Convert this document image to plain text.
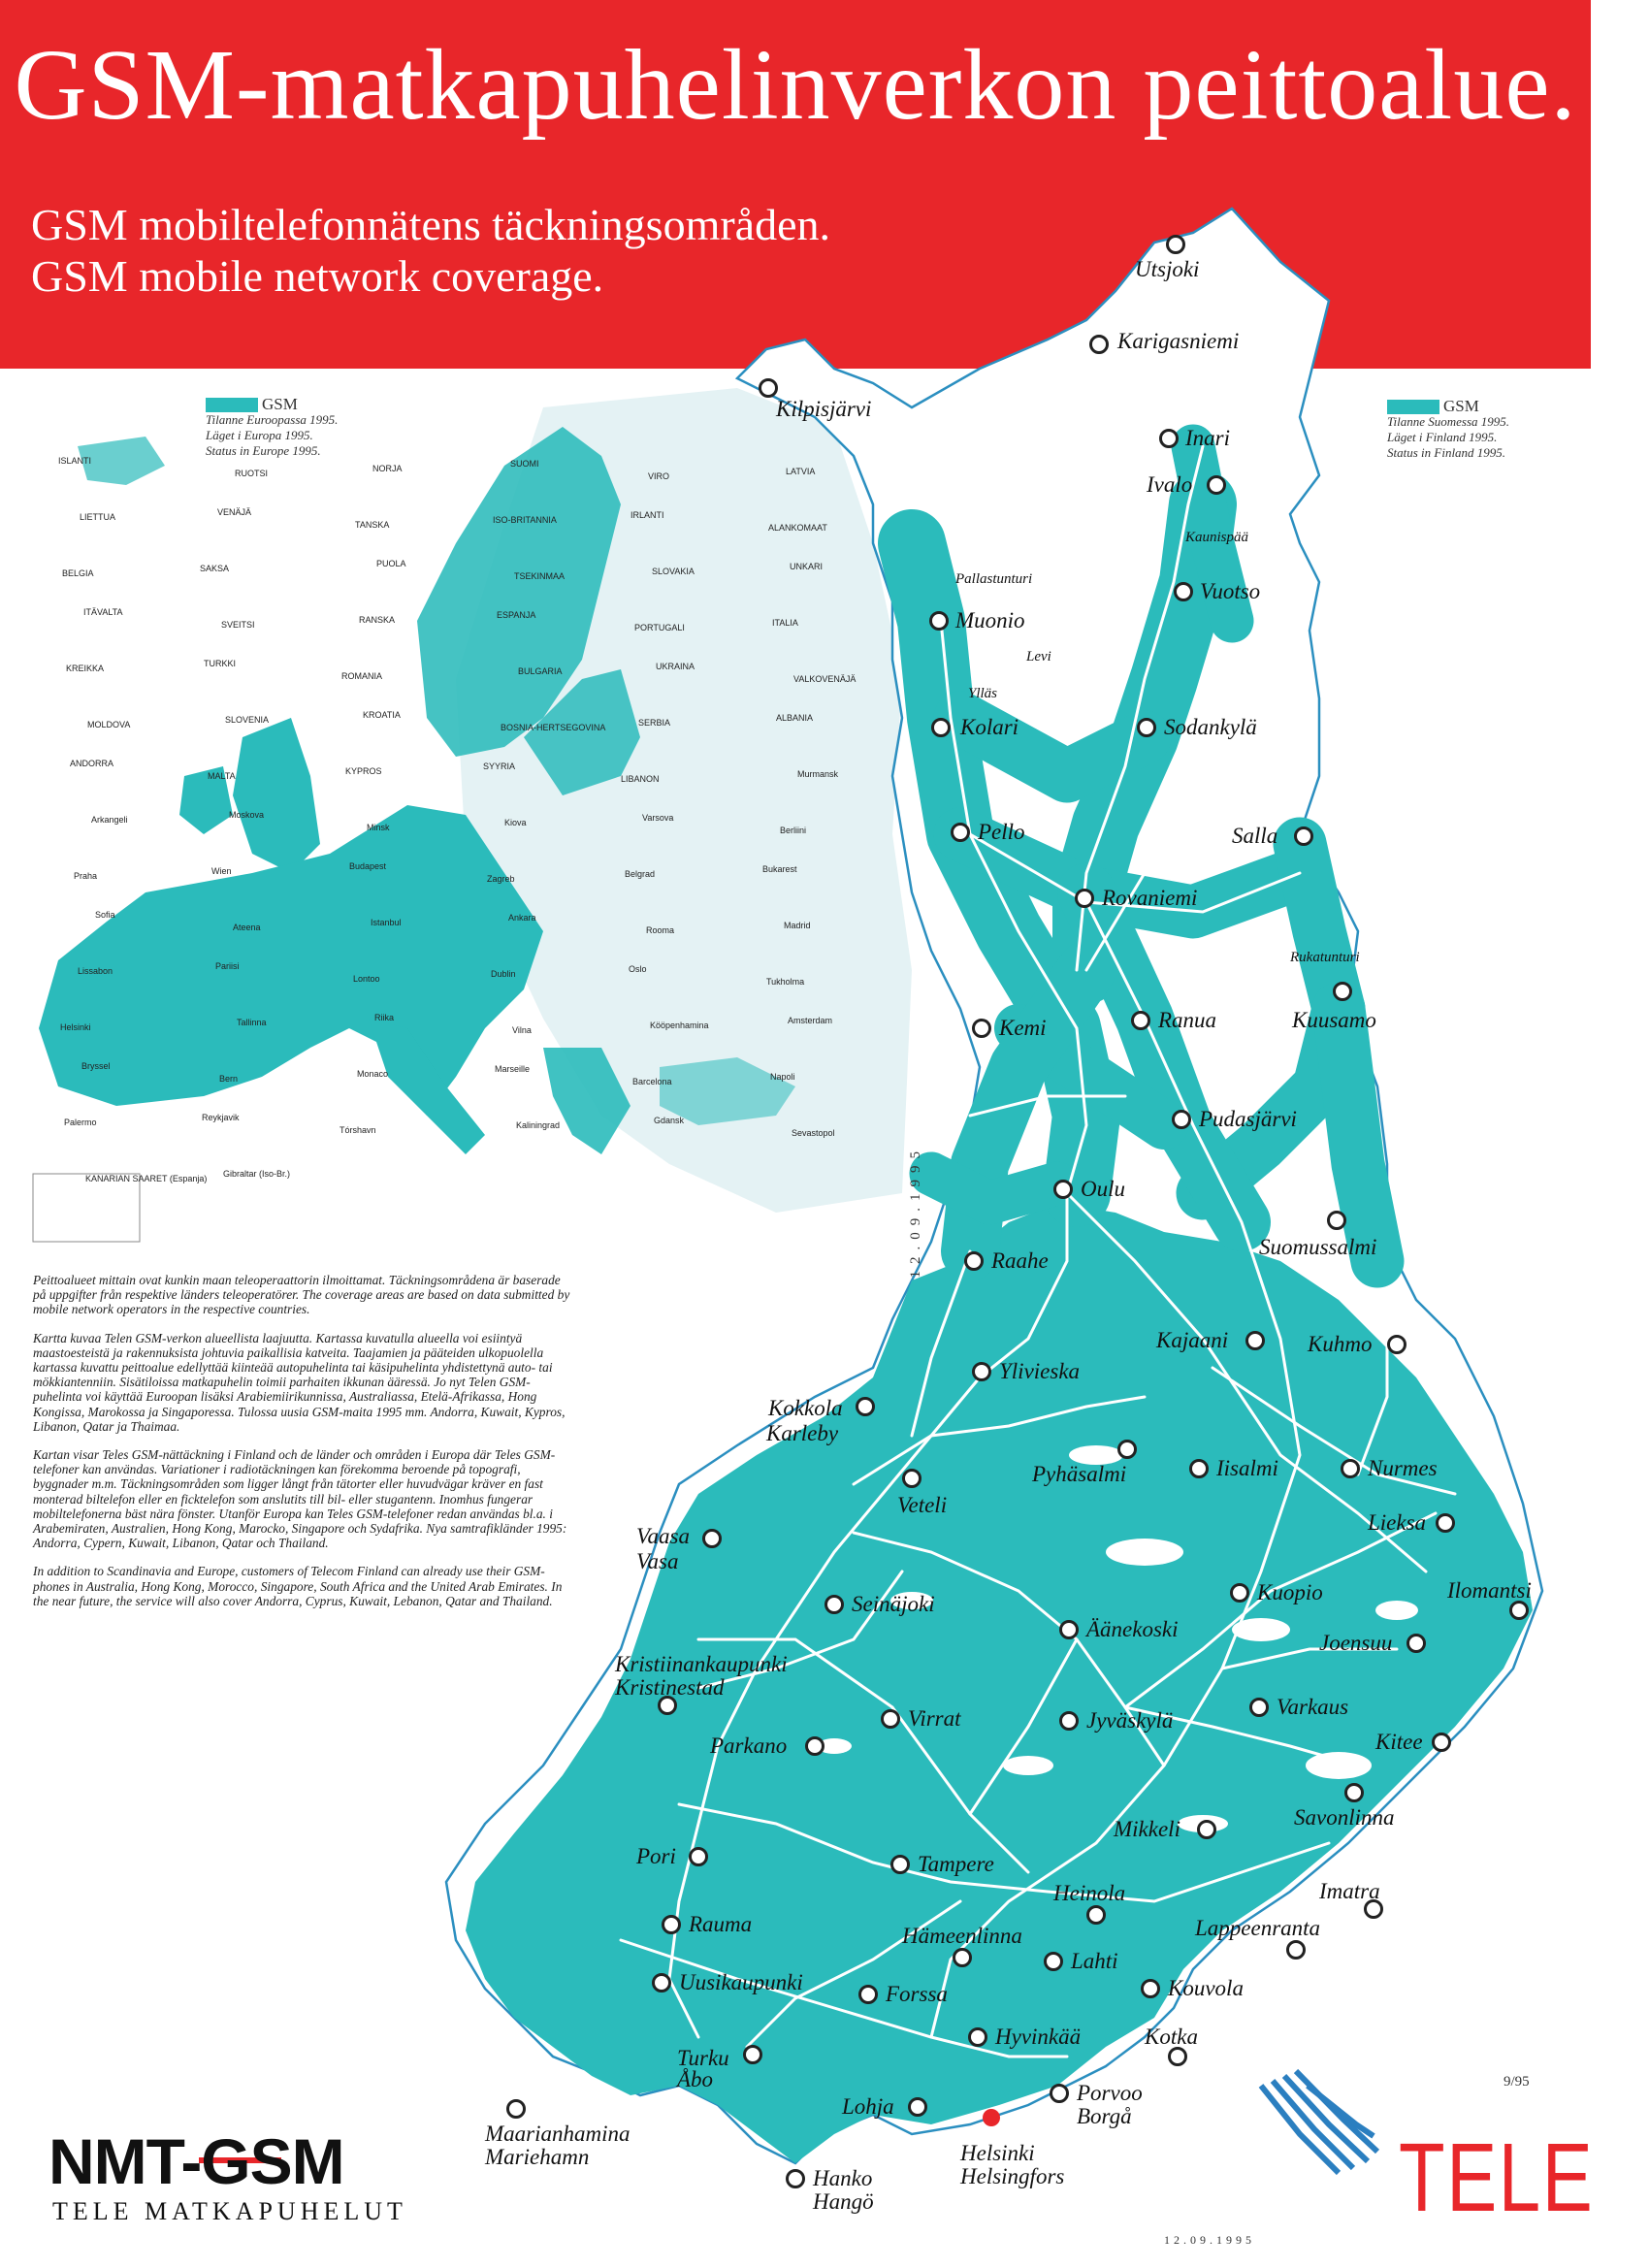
GSM-matkapuhelinverkon peittoalue.
GSM mobiltelefonnätens täckningsområden.
GSM mobile network coverage.
GSM
Tilanne Euroopassa 1995.
Läget i Europa 1995.
Status in Europe 1995.
GSM
Tilanne Suomessa 1995.
Läget i Finland 1995.
Status in Finland 1995.
ISLANTI
RUOTSI	NORJA	SUOMI
VIRO	LATVIA
LIETTUA	VENÄJÄ
TANSKA	ISO-BRITANNIA	IRLANTI
ALANKOMAAT
BELGIA	SAKSA	PUOLA
TSEKINMAA	SLOVAKIA	UNKARI
ITÄVALTA
SVEITSI	RANSKA	ESPANJA
PORTUGALI	ITALIA
KREIKKA	TURKKI
ROMANIA	BULGARIA	UKRAINA
VALKOVENÄJÄ
MOLDOVA	SLOVENIA	KROATIA
BOSNIA-HERTSEGOVINA	SERBIA	ALBANIA
ANDORRA
MALTA	KYPROS	SYYRIA
LIBANON	Murmansk
Arkangeli	Moskova
Minsk	Kiova	Varsova
Berliini
Praha	Wien	Budapest
Zagreb	Belgrad	Bukarest
Sofia
Ateena	Istanbul	Ankara
Rooma	Madrid
Lissabon	Pariisi
Lontoo	Dublin	Oslo
Tukholma
Helsinki	Tallinna	Riika
Vilna	Kööpenhamina	Amsterdam
Bryssel
Bern	Monaco	Marseille
Barcelona	Napoli
Palermo	Reykjavik
Tórshavn	Kaliningrad	Gdansk
Sevastopol
KANARIAN SAARET (Espanja) Gibraltar (Iso-Br.)	12.09.1995

Peittoalueet mittain ovat kunkin maan teleoperaattorin ilmoittamat. Täckningsområdena är baserade på uppgifter från respektive länders teleoperatörer. The coverage areas are based on data submitted by mobile network operators in the respective countries.

Kartta kuvaa Telen GSM-verkon alueellista laajuutta. Kartassa kuvatulla alueella voi esiintyä maastoesteistä ja rakennuksista johtuvia paikallisia katveita. Taajamien ja pääteiden ulkopuolella kartassa kuvattu peittoalue edellyttää kiinteää autopuhelinta tai käsipuhelinta yhdistettynä auto- tai mökkiantenniin. Sisätiloissa matkapuhelin toimii parhaiten ikkunan ääressä. Jo nyt Telen GSM-puhelinta voi käyttää Euroopan lisäksi Arabiemiirikunnissa, Australiassa, Etelä-Afrikassa, Hong Kongissa, Marokossa ja Singaporessa. Tulossa uusia GSM-maita 1995 mm. Andorra, Kuwait, Kypros, Libanon, Qatar ja Thaimaa.

Kartan visar Teles GSM-nättäckning i Finland och de länder och områden i Europa där Teles GSM-telefoner kan användas. Variationer i radiotäckningen kan förekomma beroende på topografi, byggnader m.m. Täckningsområden som ligger långt från tätorter eller huvudvägar kräver en fast monterad biltelefon eller en ficktelefon som anslutits till bil- eller stugantenn. Inomhus fungerar mobiltelefonerna bäst nära fönster. Utanför Europa kan Teles GSM-telefoner redan användas bl.a. i Arabemiraten, Australien, Hong Kong, Marocko, Singapore och Sydafrika. Nya samtrafikländer 1995: Andorra, Cypern, Kuwait, Libanon, Qatar och Thailand.

In addition to Scandinavia and Europe, customers of Telecom Finland can already use their GSM-phones in Australia, Hong Kong, Morocco, Singapore, South Africa and the United Arab Emirates. In the near future, the service will also cover Andorra, Cyprus, Kuwait, Lebanon, Qatar and Thailand.

Utsjoki
Karigasniemi
Kilpisjärvi
Inari
Ivalo
Kaunispää
Pallastunturi	Vuotso
Muonio
Levi
Ylläs
Kolari	Sodankylä
Pello	Salla
Rovaniemi
Rukatunturi
Kemi	Ranua	Kuusamo
Pudasjärvi
Oulu
Suomussalmi
Raahe
Kajaani	Kuhmo
Ylivieska
Kokkola
Karleby
Pyhäsalmi	Iisalmi	Nurmes
Veteli
Vaasa
Vasa
Lieksa
Seinäjoki	Kuopio	Ilomantsi
Äänekoski
Joensuu
Kristiinankaupunki
Kristinestad
Virrat	Jyväskylä
Varkaus
Parkano	Kitee
Savonlinna
Mikkeli
Pori	Tampere
Heinola	Imatra
Rauma	Hämeenlinna	Lappeenranta
Lahti
Uusikaupunki	Kouvola
Forssa
Kotka
Turku
Åbo
Hyvinkää
Porvoo
Borgå
Lohja
Maarianhamina
Mariehamn	Helsinki
Helsingfors
Hanko
Hangö
NMT-GSM
TELE MATKAPUHELUT
12.09.1995
9/95
TELE
